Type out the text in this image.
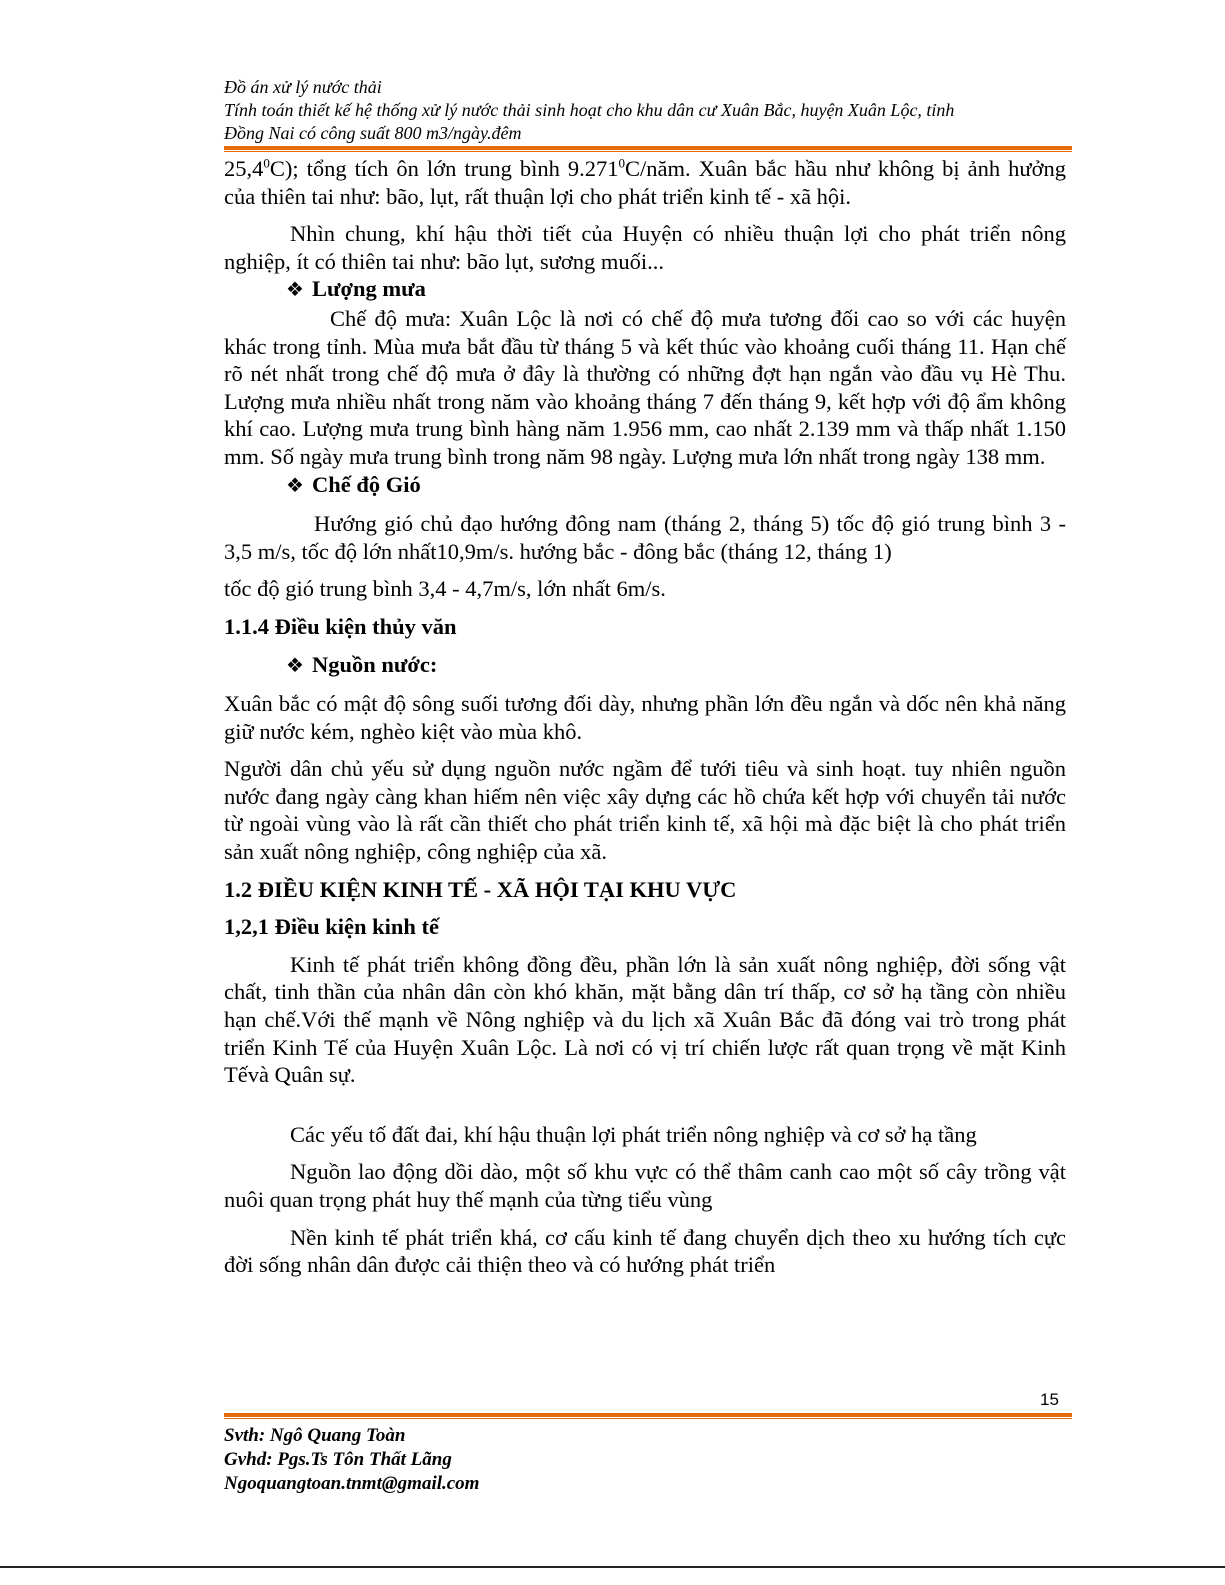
Đồ án xử lý nước thải
Tính toán thiết kế hệ thống xử lý nước thải sinh hoạt cho khu dân cư Xuân Bắc, huyện Xuân Lộc, tỉnh
Đồng Nai có công suất 800 m3/ngày.đêm

25,4$^0$C); tổng tích ôn lớn trung bình 9.271$^0$C/năm. Xuân bắc hầu như không bị ảnh hưởng của thiên tai như: bão, lụt, rất thuận lợi cho phát triển kinh tế - xã hội.

Nhìn chung, khí hậu thời tiết của Huyện có nhiều thuận lợi cho phát triển nông nghiệp, ít có thiên tai như: bão lụt, sương muối...

❖ Lượng mưa

Chế độ mưa: Xuân Lộc là nơi có chế độ mưa tương đối cao so với các huyện khác trong tỉnh. Mùa mưa bắt đầu từ tháng 5 và kết thúc vào khoảng cuối tháng 11. Hạn chế rõ nét nhất trong chế độ mưa ở đây là thường có những đợt hạn ngắn vào đầu vụ Hè Thu. Lượng mưa nhiều nhất trong năm vào khoảng tháng 7 đến tháng 9, kết hợp với độ ẩm không khí cao. Lượng mưa trung bình hàng năm 1.956 mm, cao nhất 2.139 mm và thấp nhất 1.150 mm. Số ngày mưa trung bình trong năm 98 ngày. Lượng mưa lớn nhất trong ngày 138 mm.

❖ Chế độ Gió

Hướng gió chủ đạo hướng đông nam (tháng 2, tháng 5) tốc độ gió trung bình 3 - 3,5 m/s, tốc độ lớn nhất10,9m/s. hướng bắc - đông bắc (tháng 12, tháng 1)

tốc độ gió trung bình 3,4 - 4,7m/s, lớn nhất 6m/s.

1.1.4 Điều kiện thủy văn

❖ Nguồn nước:

Xuân bắc có mật độ sông suối tương đối dày, nhưng phần lớn đều ngắn và dốc nên khả năng giữ nước kém, nghèo kiệt vào mùa khô.

Người dân chủ yếu sử dụng nguồn nước ngầm để tưới tiêu và sinh hoạt. tuy nhiên nguồn nước đang ngày càng khan hiếm nên việc xây dựng các hồ chứa kết hợp với chuyển tải nước từ ngoài vùng vào là rất cần thiết cho phát triển kinh tế, xã hội mà đặc biệt là cho phát triển sản xuất nông nghiệp, công nghiệp của xã.

1.2 ĐIỀU KIỆN KINH TẾ - XÃ HỘI TẠI KHU VỰC
1,2,1 Điều kiện kinh tế

Kinh tế phát triển không đồng đều, phần lớn là sản xuất nông nghiệp, đời sống vật chất, tinh thần của nhân dân còn khó khăn, mặt bằng dân trí thấp, cơ sở hạ tầng còn nhiều hạn chế.Với thế mạnh về Nông nghiệp và du lịch xã Xuân Bắc đã đóng vai trò trong phát triển Kinh Tế của Huyện Xuân Lộc. Là nơi có vị trí chiến lược rất quan trọng về mặt Kinh Tếvà Quân sự.

Các yếu tố đất đai, khí hậu thuận lợi phát triển nông nghiệp và cơ sở hạ tầng

Nguồn lao động dồi dào, một số khu vực có thể thâm canh cao một số cây trồng vật nuôi quan trọng phát huy thế mạnh của từng tiểu vùng

Nền kinh tế phát triển khá, cơ cấu kinh tế đang chuyển dịch theo xu hướng tích cực đời sống nhân dân được cải thiện theo và có hướng phát triển

15
Svth: Ngô Quang Toàn
Gvhd: Pgs.Ts Tôn Thất Lãng
Ngoquangtoan.tnmt@gmail.com
